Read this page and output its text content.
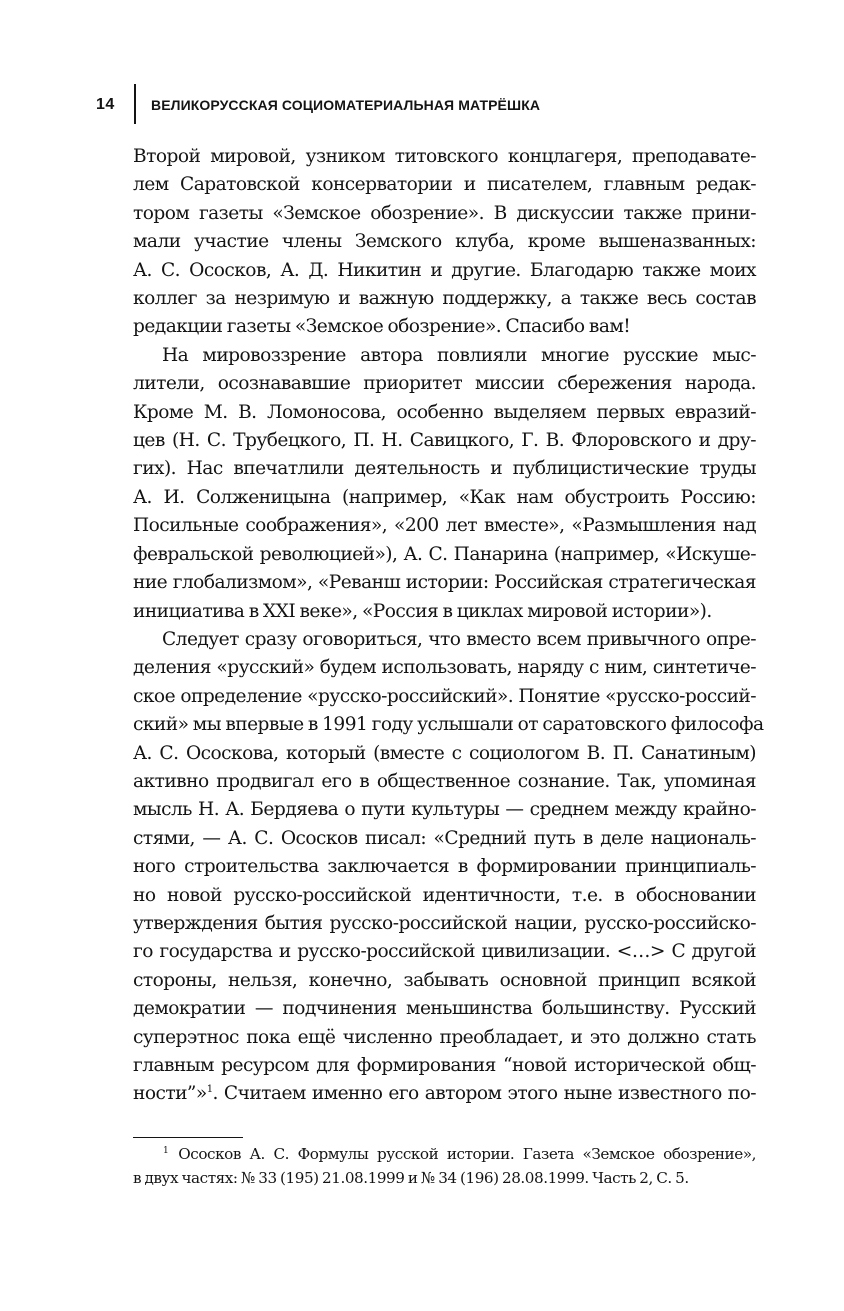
14	ВЕЛИКОРУССКАЯ СОЦИОМАТЕРИАЛЬНАЯ МАТРЁШКА
Второй мировой, узником титовского концлагеря, преподавате-
лем Саратовской консерватории и писателем, главным редак-
тором газеты «Земское обозрение». В дискуссии также прини-
мали участие члены Земского клуба, кроме вышеназванных:
А. С. Ососков, А. Д. Никитин и другие. Благодарю также моих
коллег за незримую и важную поддержку, а также весь состав
редакции газеты «Земское обозрение». Спасибо вам!
На мировоззрение автора повлияли многие русские мыс-
лители, осознававшие приоритет миссии сбережения народа.
Кроме М. В. Ломоносова, особенно выделяем первых евразий-
цев (Н. С. Трубецкого, П. Н. Савицкого, Г. В. Флоровского и дру-
гих). Нас впечатлили деятельность и публицистические труды
А. И. Солженицына (например, «Как нам обустроить Россию:
Посильные соображения», «200 лет вместе», «Размышления над
февральской революцией»), А. С. Панарина (например, «Искуше-
ние глобализмом», «Реванш истории: Российская стратегическая
инициатива в XXI веке», «Россия в циклах мировой истории»).
Следует сразу оговориться, что вместо всем привычного опре-
деления «русский» будем использовать, наряду с ним, синтетиче-
ское определение «русско-российский». Понятие «русско-россий-
ский» мы впервые в 1991 году услышали от саратовского философа
А. С. Ососкова, который (вместе с социологом В. П. Санатиным)
активно продвигал его в общественное сознание. Так, упоминая
мысль Н. А. Бердяева о пути культуры — среднем между крайно-
стями, — А. С. Ососков писал: «Средний путь в деле националь-
ного строительства заключается в формировании принципиаль-
но новой русско-российской идентичности, т.е. в обосновании
утверждения бытия русско-российской нации, русско-российско-
го государства и русско-российской цивилизации. <…> С другой
стороны, нельзя, конечно, забывать основной принцип всякой
демократии — подчинения меньшинства большинству. Русский
суперэтнос пока ещё численно преобладает, и это должно стать
главным ресурсом для формирования “новой исторической общ-
ности”»$^1$. Считаем именно его автором этого ныне известного по-
$^1$ Ососков А. С. Формулы русской истории. Газета «Земское обозрение»,
в двух частях: № 33 (195) 21.08.1999 и № 34 (196) 28.08.1999. Часть 2, С. 5.
